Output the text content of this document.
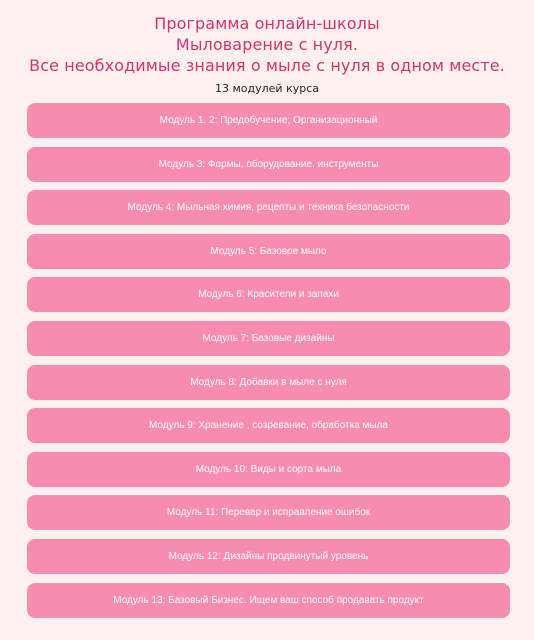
Программа онлайн-школы
Мыловарение с нуля.
Все необходимые знания о мыле с нуля в одном месте.
13 модулей курса
Модуль 1, 2: Предобучение; Организационный
Модуль 3: Формы, оборудование, инструменты
Модуль 4: Мыльная химия, рецепты и техника безопасности
Модуль 5: Базовое мыло
Модуль 6: Красители и запахи
Модуль 7: Базовые дизайны
Модуль 8: Добавки в мыле с нуля
Модуль 9: Хранение , созревание, обработка мыла
Модуль 10: Виды и сорта мыла
Модуль 11: Перевар и исправление ошибок
Модуль 12: Дизайны продвинутый уровень
Модуль 13: Базовый Бизнес. Ищем ваш способ продавать продукт
